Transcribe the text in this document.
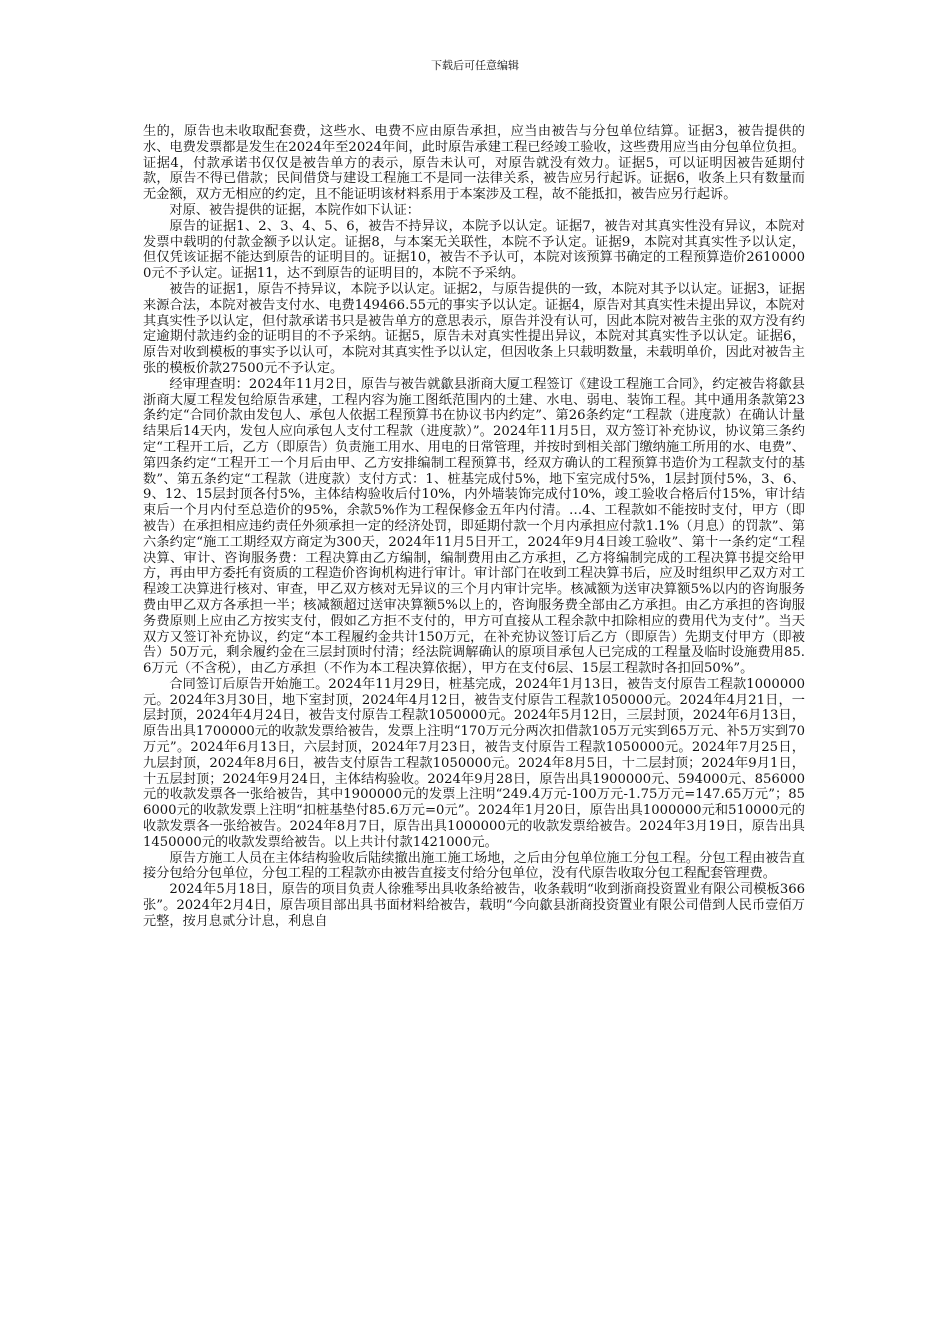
下载后可任意编辑

生的，原告也未收取配套费，这些水、电费不应由原告承担，应当由被告与分包单位结算。证据3，被告提供的水、电费发票都是发生在2024年至2024年间，此时原告承建工程已经竣工验收，这些费用应当由分包单位负担。证据4，付款承诺书仅仅是被告单方的表示，原告未认可，对原告就没有效力。证据5，可以证明因被告延期付款，原告不得已借款；民间借贷与建设工程施工不是同一法律关系，被告应另行起诉。证据6，收条上只有数量而无金额，双方无相应的约定，且不能证明该材料系用于本案涉及工程，故不能抵扣，被告应另行起诉。

对原、被告提供的证据，本院作如下认证：

原告的证据1、2、3、4、5、6，被告不持异议，本院予以认定。证据7，被告对其真实性没有异议，本院对发票中载明的付款金额予以认定。证据8，与本案无关联性，本院不予认定。证据9，本院对其真实性予以认定，但仅凭该证据不能达到原告的证明目的。证据10，被告不予认可，本院对该预算书确定的工程预算造价26100000元不予认定。证据11，达不到原告的证明目的，本院不予采纳。

被告的证据1，原告不持异议，本院予以认定。证据2，与原告提供的一致，本院对其予以认定。证据3，证据来源合法，本院对被告支付水、电费149466.55元的事实予以认定。证据4，原告对其真实性未提出异议，本院对其真实性予以认定，但付款承诺书只是被告单方的意思表示，原告并没有认可，因此本院对被告主张的双方没有约定逾期付款违约金的证明目的不予采纳。证据5，原告未对真实性提出异议，本院对其真实性予以认定。证据6，原告对收到模板的事实予以认可，本院对其真实性予以认定，但因收条上只载明数量，未载明单价，因此对被告主张的模板价款27500元不予认定。

经审理查明：2024年11月2日，原告与被告就歙县浙商大厦工程签订《建设工程施工合同》，约定被告将歙县浙商大厦工程发包给原告承建，工程内容为施工图纸范围内的土建、水电、弱电、装饰工程。其中通用条款第23条约定“合同价款由发包人、承包人依据工程预算书在协议书内约定”、第26条约定“工程款（进度款）在确认计量结果后14天内，发包人应向承包人支付工程款（进度款）”。2024年11月5日，双方签订补充协议，协议第三条约定“工程开工后，乙方（即原告）负责施工用水、用电的日常管理，并按时到相关部门缴纳施工所用的水、电费”、第四条约定“工程开工一个月后由甲、乙方安排编制工程预算书，经双方确认的工程预算书造价为工程款支付的基数”、第五条约定“工程款（进度款）支付方式：1、桩基完成付5%，地下室完成付5%，1层封顶付5%，3、6、9、12、15层封顶各付5%，主体结构验收后付10%，内外墙装饰完成付10%，竣工验收合格后付15%，审计结束后一个月内付至总造价的95%，余款5%作为工程保修金五年内付清。…4、工程款如不能按时支付，甲方（即被告）在承担相应违约责任外须承担一定的经济处罚，即延期付款一个月内承担应付款1.1%（月息）的罚款”、第六条约定“施工工期经双方商定为300天，2024年11月5日开工，2024年9月4日竣工验收”、第十一条约定“工程决算、审计、咨询服务费：工程决算由乙方编制，编制费用由乙方承担，乙方将编制完成的工程决算书提交给甲方，再由甲方委托有资质的工程造价咨询机构进行审计。审计部门在收到工程决算书后，应及时组织甲乙双方对工程竣工决算进行核对、审查，甲乙双方核对无异议的三个月内审计完毕。核减额为送审决算额5%以内的咨询服务费由甲乙双方各承担一半；核减额超过送审决算额5%以上的，咨询服务费全部由乙方承担。由乙方承担的咨询服务费原则上应由乙方按实支付，假如乙方拒不支付的，甲方可直接从工程余款中扣除相应的费用代为支付”。当天双方又签订补充协议，约定“本工程履约金共计150万元，在补充协议签订后乙方（即原告）先期支付甲方（即被告）50万元，剩余履约金在三层封顶时付清；经法院调解确认的原项目承包人已完成的工程量及临时设施费用85.6万元（不含税），由乙方承担（不作为本工程决算依据），甲方在支付6层、15层工程款时各扣回50%”。

合同签订后原告开始施工。2024年11月29日，桩基完成，2024年1月13日，被告支付原告工程款1000000元。2024年3月30日，地下室封顶，2024年4月12日，被告支付原告工程款1050000元。2024年4月21日，一层封顶，2024年4月24日，被告支付原告工程款1050000元。2024年5月12日，三层封顶，2024年6月13日，原告出具1700000元的收款发票给被告，发票上注明“170万元分两次扣借款105万元实到65万元、补5万实到70万元”。2024年6月13日，六层封顶，2024年7月23日，被告支付原告工程款1050000元。2024年7月25日，九层封顶，2024年8月6日，被告支付原告工程款1050000元。2024年8月5日，十二层封顶；2024年9月1日，十五层封顶；2024年9月24日，主体结构验收。2024年9月28日，原告出具1900000元、594000元、856000元的收款发票各一张给被告，其中1900000元的发票上注明“249.4万元-100万元-1.75万元=147.65万元”；856000元的收款发票上注明“扣桩基垫付85.6万元=0元”。2024年1月20日，原告出具1000000元和510000元的收款发票各一张给被告。2024年8月7日，原告出具1000000元的收款发票给被告。2024年3月19日，原告出具1450000元的收款发票给被告。以上共计付款1421000元。

原告方施工人员在主体结构验收后陆续撤出施工施工场地，之后由分包单位施工分包工程。分包工程由被告直接分包给分包单位，分包工程的工程款亦由被告直接支付给分包单位，没有代原告收取分包工程配套管理费。

2024年5月18日，原告的项目负责人徐雅琴出具收条给被告，收条载明“收到浙商投资置业有限公司模板366张”。2024年2月4日，原告项目部出具书面材料给被告，载明“今向歙县浙商投资置业有限公司借到人民币壹佰万元整，按月息贰分计息，利息自
